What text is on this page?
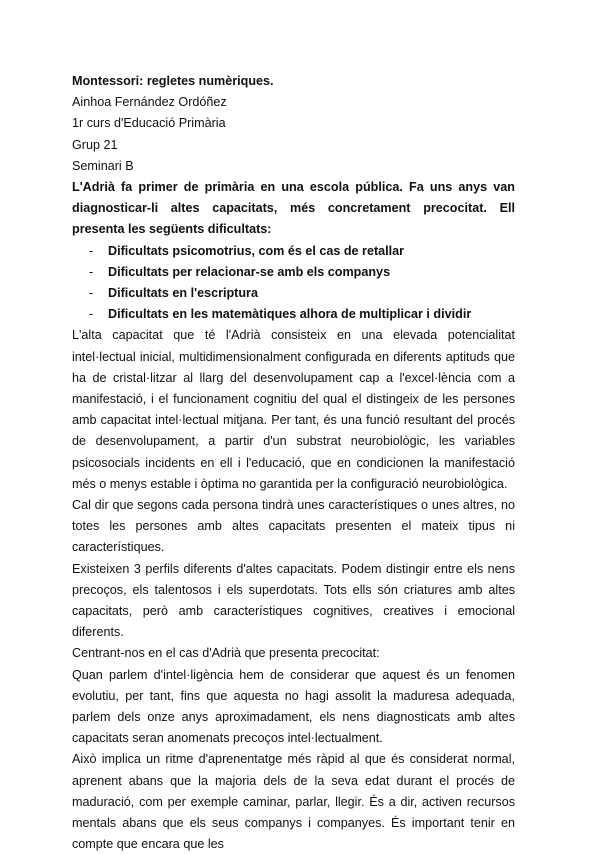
Montessori: regletes numèriques.
Ainhoa Fernández Ordóñez
1r curs d'Educació Primària
Grup 21
Seminari B
L'Adrià fa primer de primària en una escola pública. Fa uns anys van diagnosticar-li altes capacitats, més concretament precocitat. Ell presenta les següents dificultats:
- Dificultats psicomotrius, com és el cas de retallar
- Dificultats per relacionar-se amb els companys
- Dificultats en l'escriptura
- Dificultats en les matemàtiques alhora de multiplicar i dividir

L'alta capacitat que té l'Adrià consisteix en una elevada potencialitat intel·lectual inicial, multidimensionalment configurada en diferents aptituds que ha de cristal·litzar al llarg del desenvolupament cap a l'excel·lència com a manifestació, i el funcionament cognitiu del qual el distingeix de les persones amb capacitat intel·lectual mitjana. Per tant, és una funció resultant del procés de desenvolupament, a partir d'un substrat neurobiològic, les variables psicosocials incidents en ell i l'educació, que en condicionen la manifestació més o menys estable i òptima no garantida per la configuració neurobiològica.

Cal dir que segons cada persona tindrà unes característiques o unes altres, no totes les persones amb altes capacitats presenten el mateix tipus ni característiques.

Existeixen 3 perfils diferents d'altes capacitats. Podem distingir entre els nens precoços, els talentosos i els superdotats. Tots ells són criatures amb altes capacitats, però amb característiques cognitives, creatives i emocional diferents.

Centrant-nos en el cas d'Adrià que presenta precocitat:

Quan parlem d'intel·ligència hem de considerar que aquest és un fenomen evolutiu, per tant, fins que aquesta no hagi assolit la maduresa adequada, parlem dels onze anys aproximadament, els nens diagnosticats amb altes capacitats seran anomenats precoços intel·lectualment.

Això implica un ritme d'aprenentatge més ràpid al que és considerat normal, aprenent abans que la majoria dels de la seva edat durant el procés de maduració, com per exemple caminar, parlar, llegir. És a dir, activen recursos mentals abans que els seus companys i companyes. És important tenir en compte que encara que les
